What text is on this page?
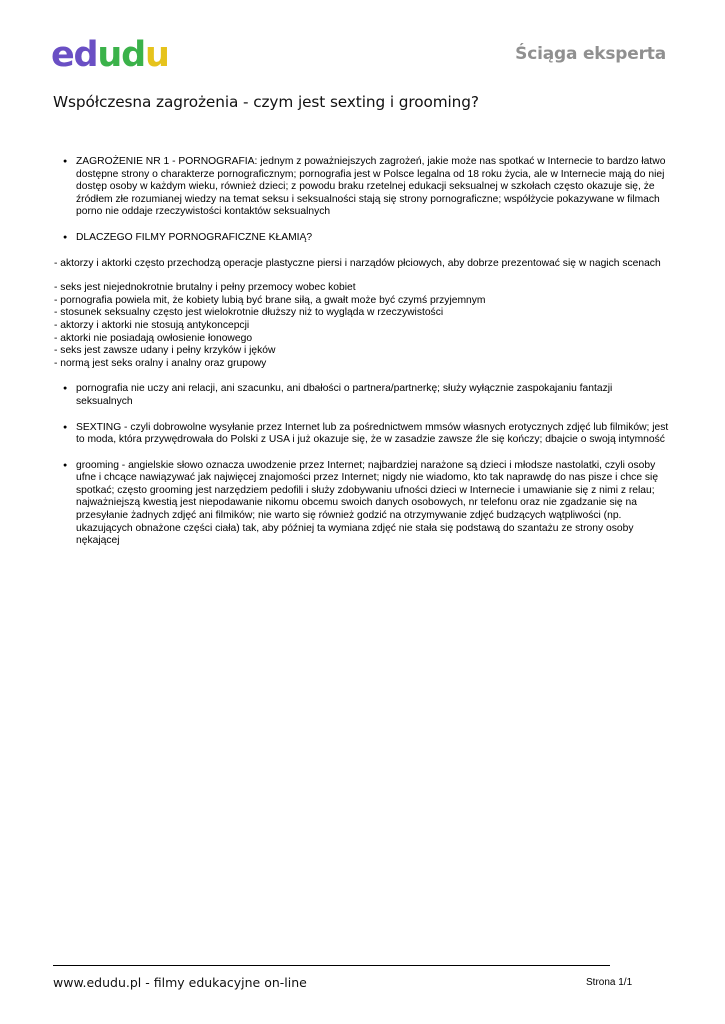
edudu	Ściąga eksperta
Współczesna zagrożenia - czym jest sexting i grooming?
● ZAGROŻENIE NR 1 - PORNOGRAFIA: jednym z poważniejszych zagrożeń, jakie może nas spotkać w Internecie to bardzo łatwo dostępne strony o charakterze pornograficznym; pornografia jest w Polsce legalna od 18 roku życia, ale w Internecie mają do niej dostęp osoby w każdym wieku, również dzieci; z powodu braku rzetelnej edukacji seksualnej w szkołach często okazuje się, że źródłem złe rozumianej wiedzy na temat seksu i seksualności stają się strony pornograficzne; współżycie pokazywane w filmach porno nie oddaje rzeczywistości kontaktów seksualnych
● DLACZEGO FILMY PORNOGRAFICZNE KŁAMIĄ?
- aktorzy i aktorki często przechodzą operacje plastyczne piersi i narządów płciowych, aby dobrze prezentować się w nagich scenach
- seks jest niejednokrotnie brutalny i pełny przemocy wobec kobiet
- pornografia powiela mit, że kobiety lubią być brane siłą, a gwałt może być czymś przyjemnym
- stosunek seksualny często jest wielokrotnie dłuższy niż to wygląda w rzeczywistości
- aktorzy i aktorki nie stosują antykoncepcji
- aktorki nie posiadają owłosienie łonowego
- seks jest zawsze udany i pełny krzyków i jęków
- normą jest seks oralny i analny oraz grupowy
● pornografia nie uczy ani relacji, ani szacunku, ani dbałości o partnera/partnerkę; służy wyłącznie zaspokajaniu fantazji seksualnych
● SEXTING - czyli dobrowolne wysyłanie przez Internet lub za pośrednictwem mmsów własnych erotycznych zdjęć lub filmików; jest to moda, która przywędrowała do Polski z USA i już okazuje się, że w zasadzie zawsze źle się kończy; dbajcie o swoją intymność
● grooming - angielskie słowo oznacza uwodzenie przez Internet; najbardziej narażone są dzieci i młodsze nastolatki, czyli osoby ufne i chcące nawiązywać jak najwięcej znajomości przez Internet; nigdy nie wiadomo, kto tak naprawdę do nas pisze i chce się spotkać; często grooming jest narzędziem pedofili i służy zdobywaniu ufności dzieci w Internecie i umawianie się z nimi z relau; najważniejszą kwestią jest niepodawanie nikomu obcemu swoich danych osobowych, nr telefonu oraz nie zgadzanie się na przesyłanie żadnych zdjęć ani filmików; nie warto się również godzić na otrzymywanie zdjęć budzących wątpliwości (np. ukazujących obnażone części ciała) tak, aby później ta wymiana zdjęć nie stała się podstawą do szantażu ze strony osoby nękającej
www.edudu.pl - filmy edukacyjne on-line	Strona 1/1
